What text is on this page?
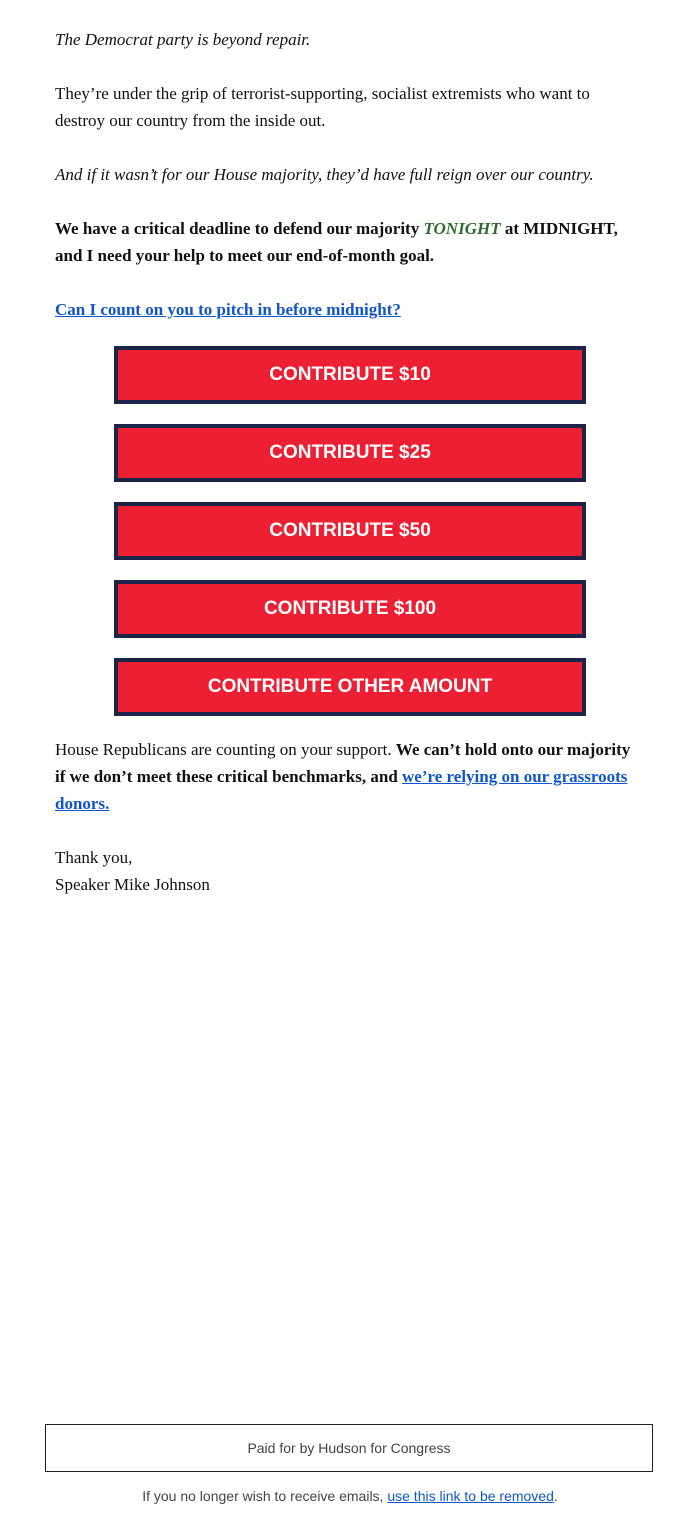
The Democrat party is beyond repair.

They’re under the grip of terrorist-supporting, socialist extremists who want to destroy our country from the inside out.

And if it wasn’t for our House majority, they’d have full reign over our country.

We have a critical deadline to defend our majority TONIGHT at MIDNIGHT, and I need your help to meet our end-of-month goal.

Can I count on you to pitch in before midnight?

CONTRIBUTE $10
CONTRIBUTE $25
CONTRIBUTE $50
CONTRIBUTE $100
CONTRIBUTE OTHER AMOUNT

House Republicans are counting on your support. We can’t hold onto our majority if we don’t meet these critical benchmarks, and we’re relying on our grassroots donors.

Thank you,
Speaker Mike Johnson

Paid for by Hudson for Congress
If you no longer wish to receive emails, use this link to be removed.
